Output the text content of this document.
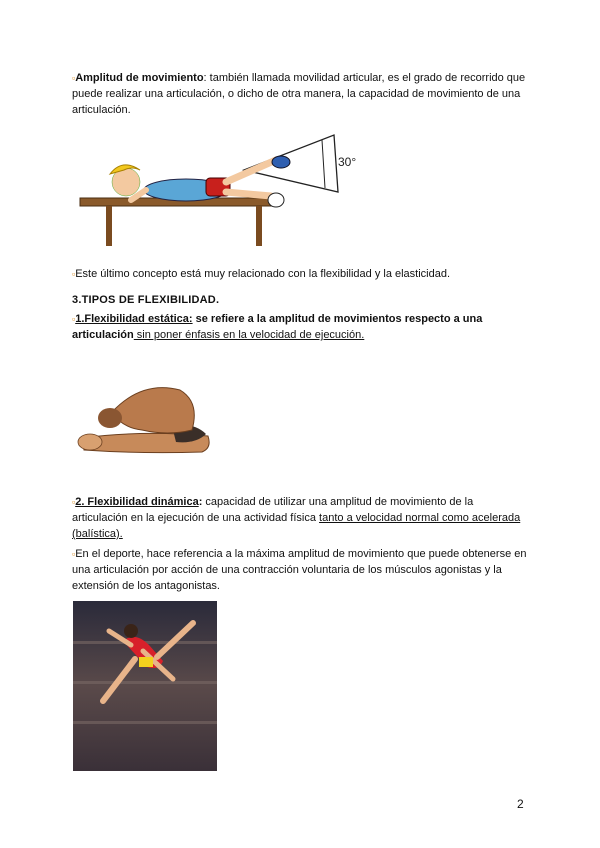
▫Amplitud de movimiento: también llamada movilidad articular, es el grado de recorrido que puede realizar una articulación, o dicho de otra manera, la capacidad de movimiento de una articulación.

30°

▫Este último concepto está muy relacionado con la flexibilidad y la elasticidad.

3.TIPOS DE FLEXIBILIDAD.

▫1.Flexibilidad estática: se refiere a la amplitud de movimientos respecto a una articulación sin poner énfasis en la velocidad de ejecución.

▫2. Flexibilidad dinámica: capacidad de utilizar una amplitud de movimiento de la articulación en la ejecución de una actividad física tanto a velocidad normal como acelerada (balística).

▫En el deporte, hace referencia a la máxima amplitud de movimiento que puede obtenerse en una articulación por acción de una contracción voluntaria de los músculos agonistas y la extensión de los antagonistas.

2
